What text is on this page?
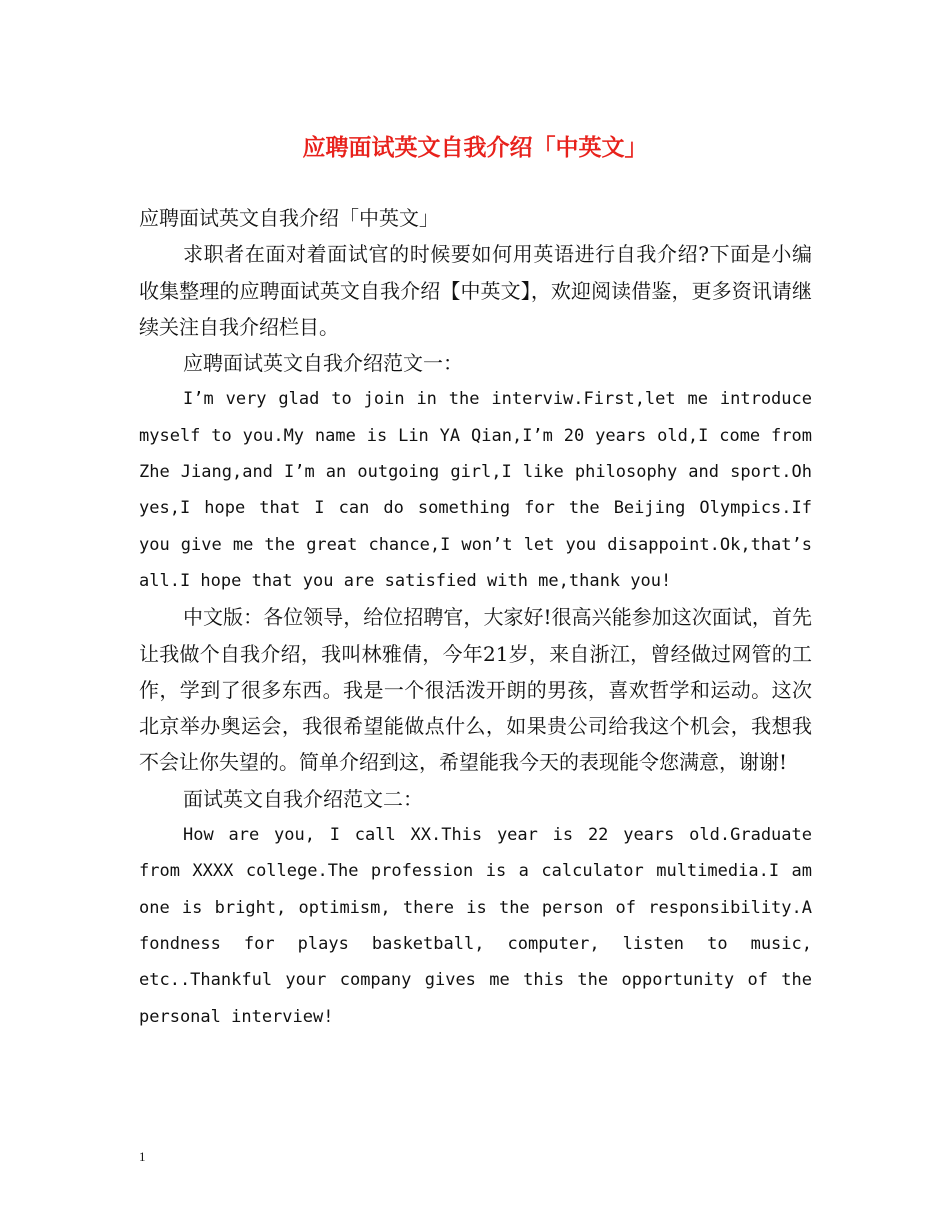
应聘面试英文自我介绍「中英文」

应聘面试英文自我介绍「中英文」

求职者在面对着面试官的时候要如何用英语进行自我介绍?下面是小编收集整理的应聘面试英文自我介绍【中英文】，欢迎阅读借鉴，更多资讯请继续关注自我介绍栏目。

应聘面试英文自我介绍范文一：

I’m very glad to join in the interviw.First,let me introduce myself to you.My name is Lin YA Qian,I’m 20 years old,I come from Zhe Jiang,and I’m an outgoing girl,I like philosophy and sport.Oh yes,I hope that I can do something for the Beijing Olympics.If you give me the great chance,I won’t let you disappoint.Ok,that’s all.I hope that you are satisfied with me,thank you!

中文版：各位领导，给位招聘官，大家好!很高兴能参加这次面试，首先让我做个自我介绍，我叫林雅倩，今年21岁，来自浙江，曾经做过网管的工作，学到了很多东西。我是一个很活泼开朗的男孩，喜欢哲学和运动。这次北京举办奥运会，我很希望能做点什么，如果贵公司给我这个机会，我想我不会让你失望的。简单介绍到这，希望能我今天的表现能令您满意，谢谢!

面试英文自我介绍范文二：

How are you, I call XX.This year is 22 years old.Graduate from XXXX college.The profession is a calculator multimedia.I am one is bright, optimism, there is the person of responsibility.A fondness for plays basketball, computer, listen to music, etc..Thankful your company gives me this the opportunity of the personal interview!

1
